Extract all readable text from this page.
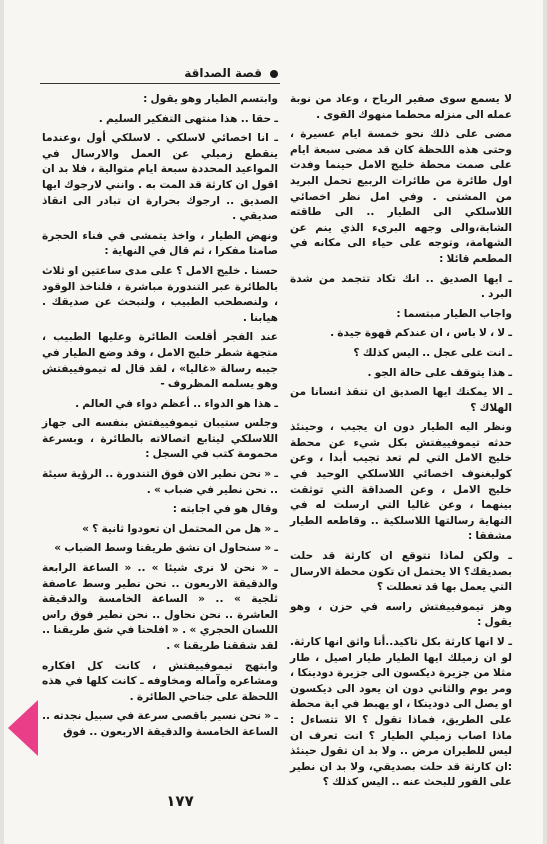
قصة الصداقة

لا يسمع سوى صفير الرياح ، وعاد من نوبة عمله الى منزله محطما منهوك القوى .

مضى على ذلك نحو خمسة ايام عسيرة ، وحتى هذه اللحظة كان قد مضى سبعة ايام على صمت محطة خليج الامل حينما وفدت اول طائرة من طائرات الربيع تحمل البريد من المشتى . وفي امل نظر اخصائي اللاسلكي الى الطيار .. الى طاقته الشابة،والى وجهه البرىء الذي ينم عن الشهامة، وتوجه على حياء الى مكانه في المطعم قائلا :

ـ ايها الصديق .. انك تكاد تتجمد من شدة البرد .

واجاب الطيار مبتسما :

ـ لا ، لا باس ، ان عندكم قهوة جيدة .

ـ انت على عجل .. اليس كذلك ؟

ـ هذا يتوقف على حالة الجو .

ـ الا يمكنك ايها الصديق ان تنقذ انسانا من الهلاك ؟

ونظر اليه الطيار دون ان يجيب ، وحينئذ حدثه تيموفييفتش بكل شيء عن محطة خليج الامل التي لم تعد تجيب أبدا ، وعن كوليغنوف اخصائي اللاسلكي الوحيد في خليج الامل ، وعن الصداقة التي توثقت بينهما ، وعن غاليا التي ارسلت له في النهاية رسالتها اللاسلكية .. وقاطعه الطيار مشفقا :

ـ ولكن لماذا تتوقع ان كارثة قد حلت بصديقك؟ الا يحتمل ان تكون محطة الارسال التي يعمل بها قد تعطلت ؟

وهز تيموفييفتش راسه في حزن ، وهو يقول :

ـ لا انها كارثة بكل تاكيد..أنا واثق انها كارثة. لو ان زميلك ايها الطيار طيار اصيل ، طار مثلا من جزيرة ديكسون الى جزيرة دودينكا ، ومر يوم والثاني دون ان يعود الى ديكسون او يصل الى دودينكا ، او يهبط في اية محطة على الطريق، فماذا تقول ؟ الا تتساءل : ماذا اصاب زميلي الطيار ؟ انت تعرف ان ليس للطيران مرض .. ولا بد ان تقول حينئذ :ان كارثة قد حلت بصديقي، ولا بد ان نطير على الفور للبحث عنه .. اليس كذلك ؟

وابتسم الطيار وهو يقول :

ـ حقا .. هذا منتهى التفكير السليم .

ـ انا اخصائي لاسلكي . لاسلكي أول ،وعندما ينقطع زميلي عن العمل والارسال في المواعيد المحددة سبعة ايام متوالية ، فلا بد ان اقول ان كارثة قد المت به . وانني لارجوك ايها الصديق .. ارجوك بحرارة ان تبادر الى انقاذ صديقي .

ونهض الطيار ، واخذ يتمشى في فناء الحجرة صامتا مفكرا ، ثم قال في النهاية :

حسنا . خليج الامل ؟ على مدى ساعتين او ثلاث بالطائرة عبر التندورة مباشرة ، فلناخذ الوقود ، ولنصطحب الطبيب ، ولنبحث عن صديقك . هيابنا .

عند الفجر أقلعت الطائرة وعليها الطبيب ، متجهة شطر خليج الامل ، وقد وضع الطيار في جيبه رسالة «غاليا» ، لقد قال له تيموفييفتش وهو يسلمه المظروف -

ـ هذا هو الدواء .. أعظم دواء في العالم .

وجلس ستيبان تيموفييفتش بنفسه الى جهاز اللاسلكي ليتابع اتصالاته بالطائرة ، وبسرعة محمومة كتب في السجل :

ـ « نحن نطير الان فوق التندورة .. الرؤية سيئة .. نحن نطير في ضباب » .

وقال هو في اجابته :

ـ « هل من المحتمل ان تعودوا ثانية ؟ »

ـ « سنحاول ان نشق طريقنا وسط الضباب »

ـ « نحن لا نرى شيئا » .. « الساعة الرابعة والدقيقة الاربعون .. نحن نطير وسط عاصفة ثلجية » .. « الساعة الخامسة والدقيقة العاشرة .. نحن نحاول .. نحن نطير فوق راس اللسان الحجري » . « افلحنا في شق طريقنا .. لقد شققنا طريقنا » .

وابتهج تيموفييفتش ، كانت كل افكاره ومشاعره وآماله ومخاوفه ـ كانت كلها في هذه اللحظة على جناحي الطائرة .

ـ « نحن نسير باقصى سرعة في سبيل نجدته .. الساعة الخامسة والدقيقة الاربعون .. فوق

١٧٧
